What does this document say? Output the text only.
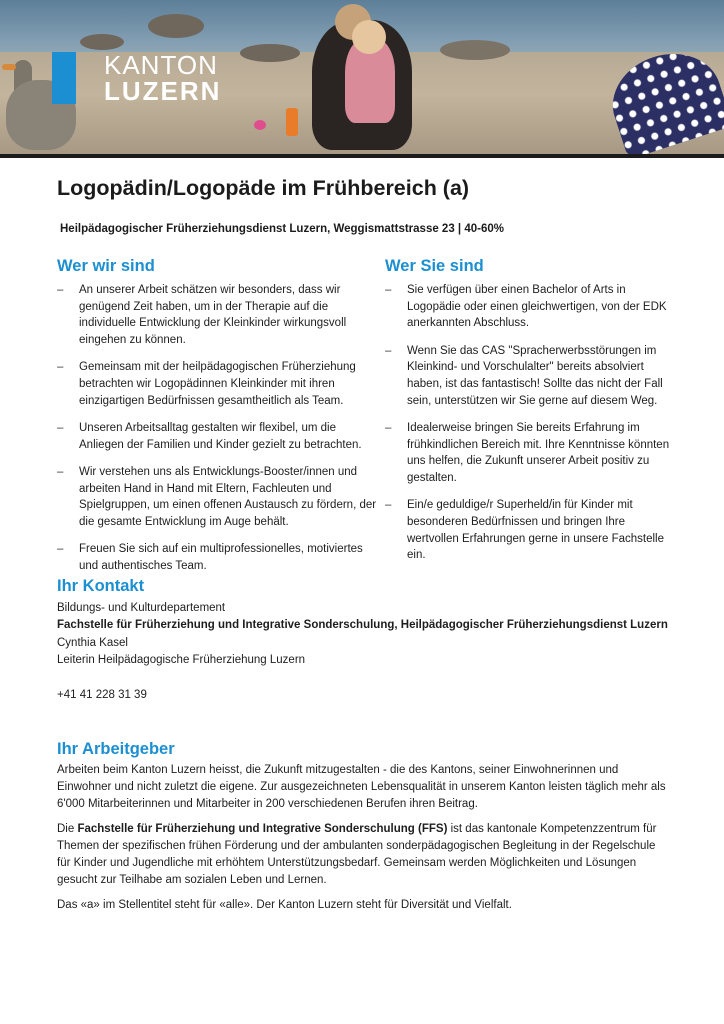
KANTON
LUZERN
Logopädin/Logopäde im Frühbereich (a)
Heilpädagogischer Früherziehungsdienst Luzern, Weggismattstrasse 23 | 40-60%
Wer wir sind
– An unserer Arbeit schätzen wir besonders, dass wir genügend Zeit haben, um in der Therapie auf die individuelle Entwicklung der Kleinkinder wirkungsvoll eingehen zu können.
– Gemeinsam mit der heilpädagogischen Früherziehung betrachten wir Logopädinnen Kleinkinder mit ihren einzigartigen Bedürfnissen gesamtheitlich als Team.
– Unseren Arbeitsalltag gestalten wir flexibel, um die Anliegen der Familien und Kinder gezielt zu betrachten.
– Wir verstehen uns als Entwicklungs-Booster/innen und arbeiten Hand in Hand mit Eltern, Fachleuten und Spielgruppen, um einen offenen Austausch zu fördern, der die gesamte Entwicklung im Auge behält.
– Freuen Sie sich auf ein multiprofessionelles, motiviertes und authentisches Team.
Wer Sie sind
– Sie verfügen über einen Bachelor of Arts in Logopädie oder einen gleichwertigen, von der EDK anerkannten Abschluss.
– Wenn Sie das CAS "Spracherwerbsstörungen im Kleinkind- und Vorschulalter" bereits absolviert haben, ist das fantastisch! Sollte das nicht der Fall sein, unterstützen wir Sie gerne auf diesem Weg.
– Idealerweise bringen Sie bereits Erfahrung im frühkindlichen Bereich mit. Ihre Kenntnisse könnten uns helfen, die Zukunft unserer Arbeit positiv zu gestalten.
– Ein/e geduldige/r Superheld/in für Kinder mit besonderen Bedürfnissen und bringen Ihre wertvollen Erfahrungen gerne in unsere Fachstelle ein.
Ihr Kontakt
Bildungs- und Kulturdepartement
Fachstelle für Früherziehung und Integrative Sonderschulung, Heilpädagogischer Früherziehungsdienst Luzern
Cynthia Kasel
Leiterin Heilpädagogische Früherziehung Luzern
+41 41 228 31 39
Ihr Arbeitgeber

Arbeiten beim Kanton Luzern heisst, die Zukunft mitzugestalten - die des Kantons, seiner Einwohnerinnen und Einwohner und nicht zuletzt die eigene. Zur ausgezeichneten Lebensqualität in unserem Kanton leisten täglich mehr als 6'000 Mitarbeiterinnen und Mitarbeiter in 200 verschiedenen Berufen ihren Beitrag.

Die Fachstelle für Früherziehung und Integrative Sonderschulung (FFS) ist das kantonale Kompetenzzentrum für Themen der spezifischen frühen Förderung und der ambulanten sonderpädagogischen Begleitung in der Regelschule für Kinder und Jugendliche mit erhöhtem Unterstützungsbedarf. Gemeinsam werden Möglichkeiten und Lösungen gesucht zur Teilhabe am sozialen Leben und Lernen.

Das «a» im Stellentitel steht für «alle». Der Kanton Luzern steht für Diversität und Vielfalt.
